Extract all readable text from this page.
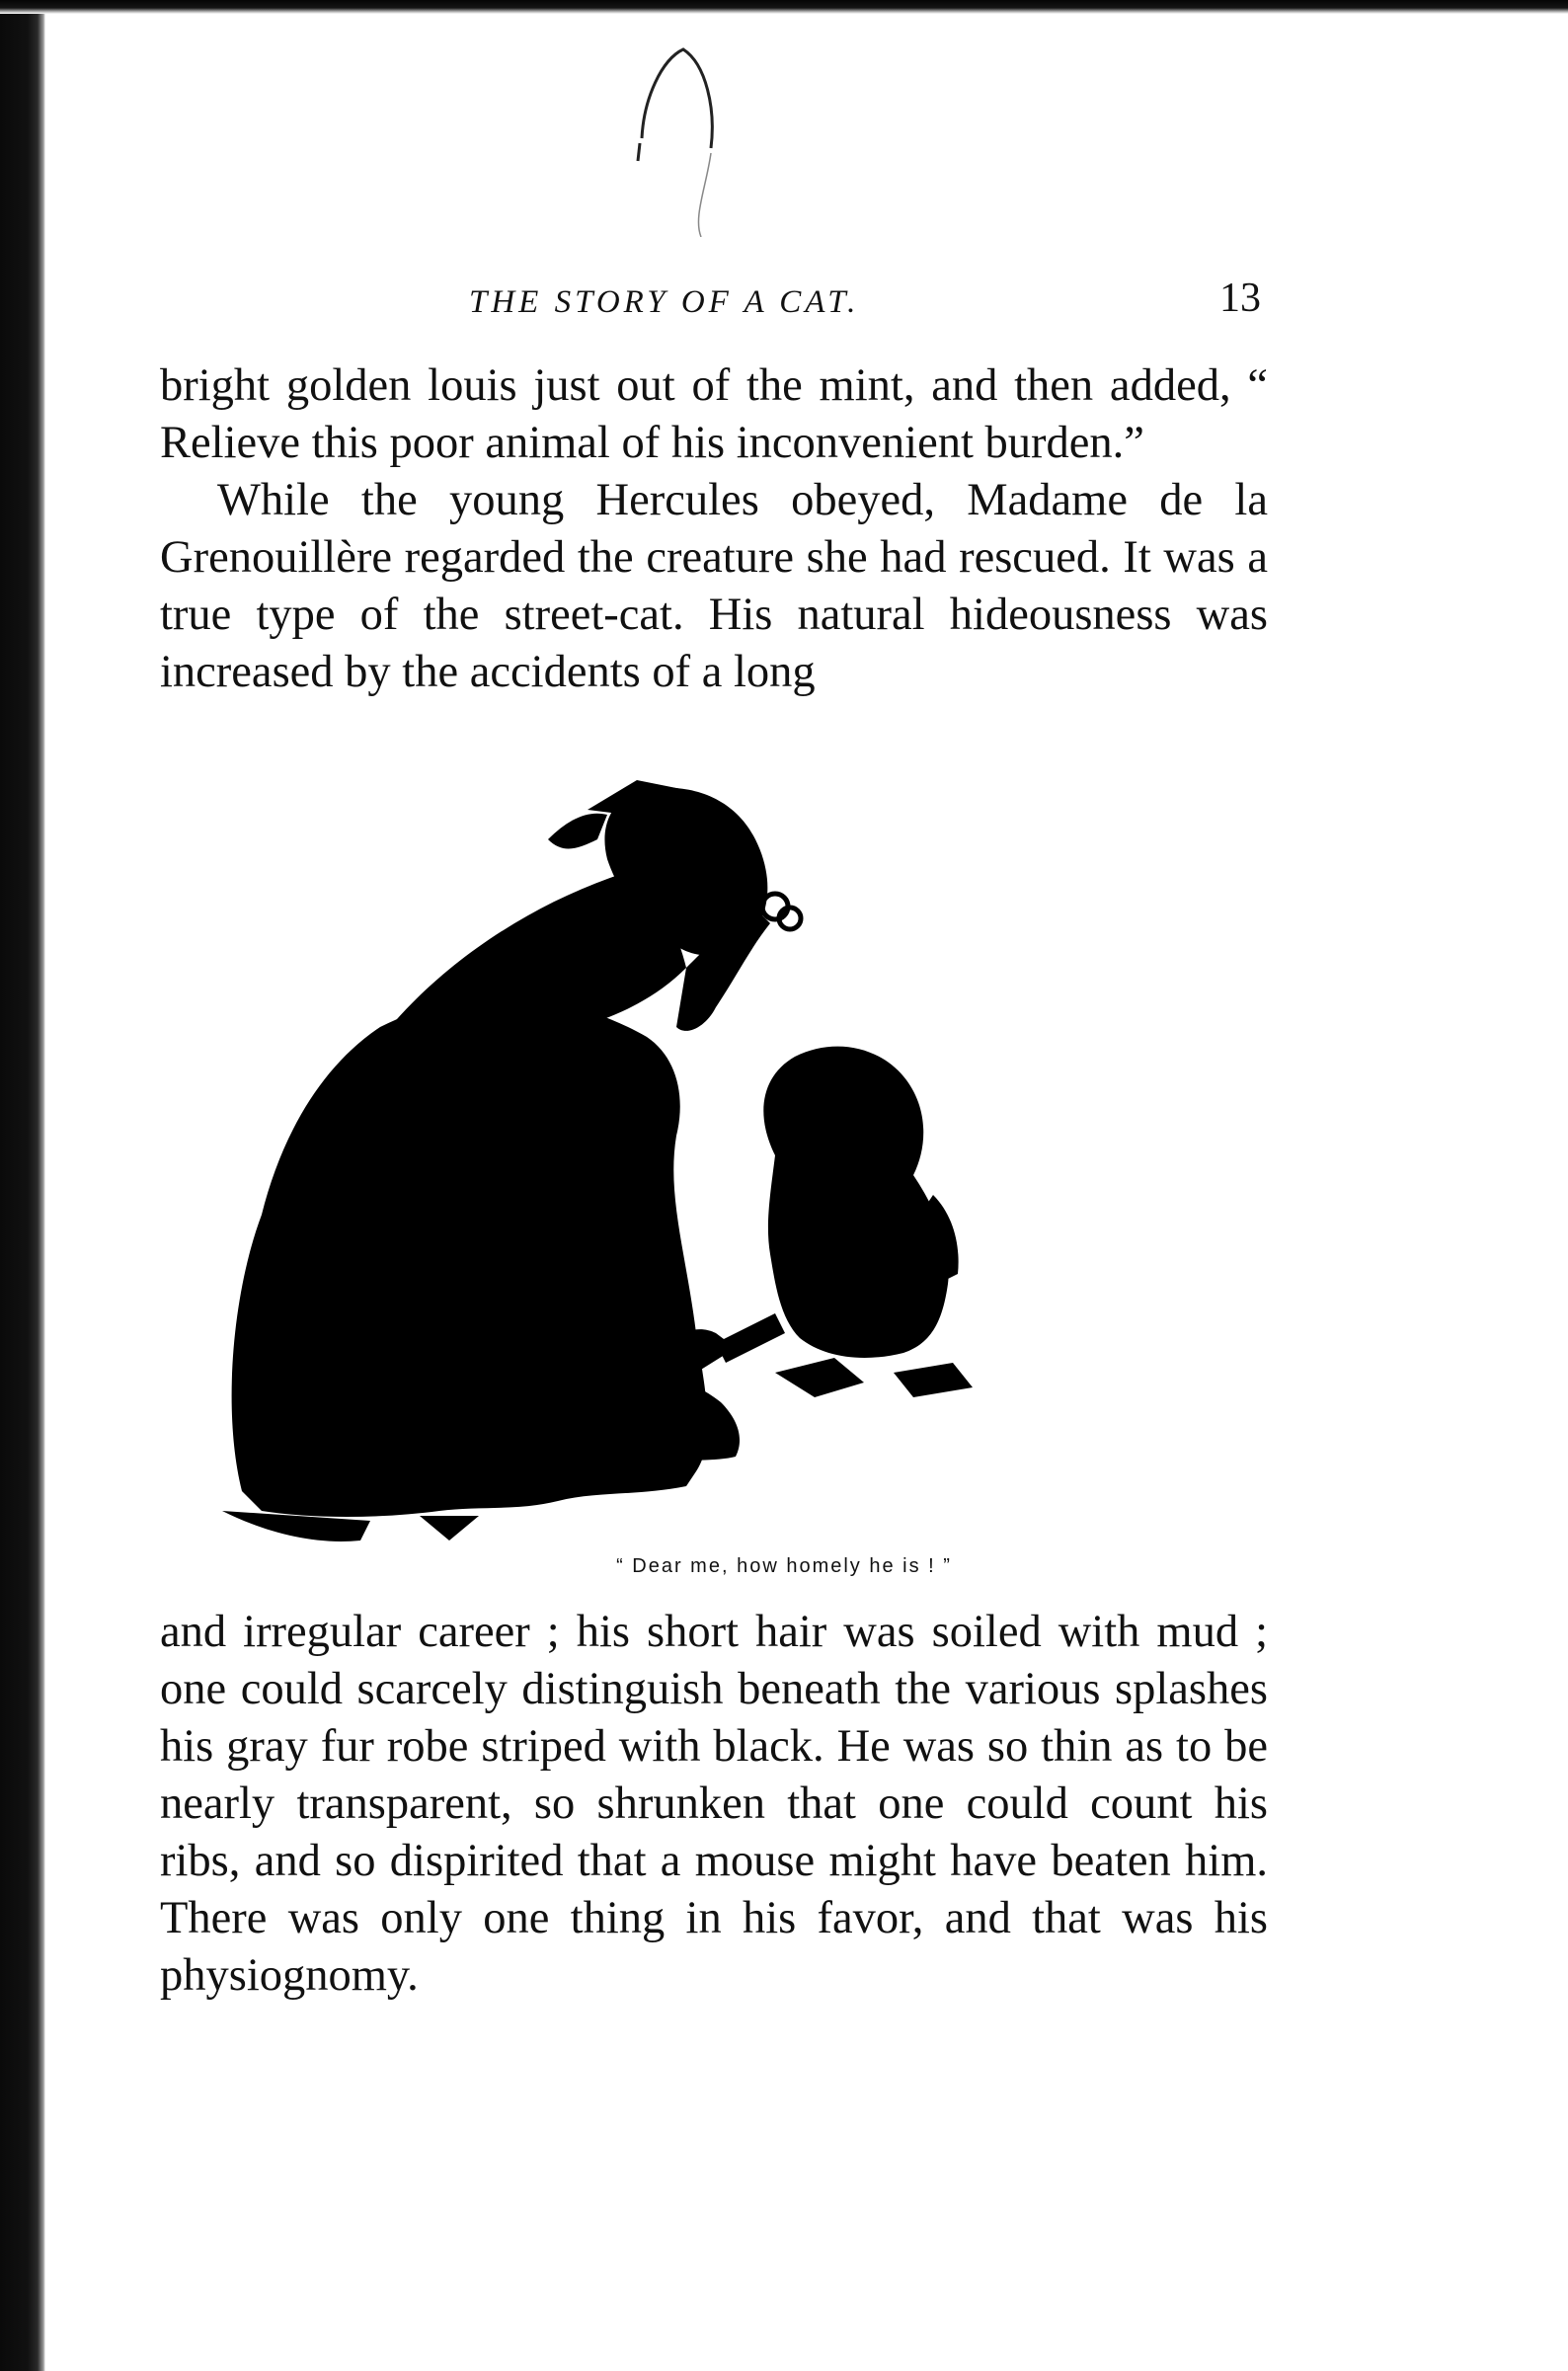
THE STORY OF A CAT.	13

bright golden louis just out of the mint, and then added, “ Relieve this poor animal of his inconvenient burden.”

While the young Hercules obeyed, Madame de la Grenouillère regarded the creature she had rescued. It was a true type of the street-cat. His natural hideousness was increased by the accidents of a long

“ Dear me, how homely he is ! ”

and irregular career ; his short hair was soiled with mud ; one could scarcely distinguish beneath the various splashes his gray fur robe striped with black. He was so thin as to be nearly transparent, so shrunken that one could count his ribs, and so dispirited that a mouse might have beaten him. There was only one thing in his favor, and that was his physiognomy.
